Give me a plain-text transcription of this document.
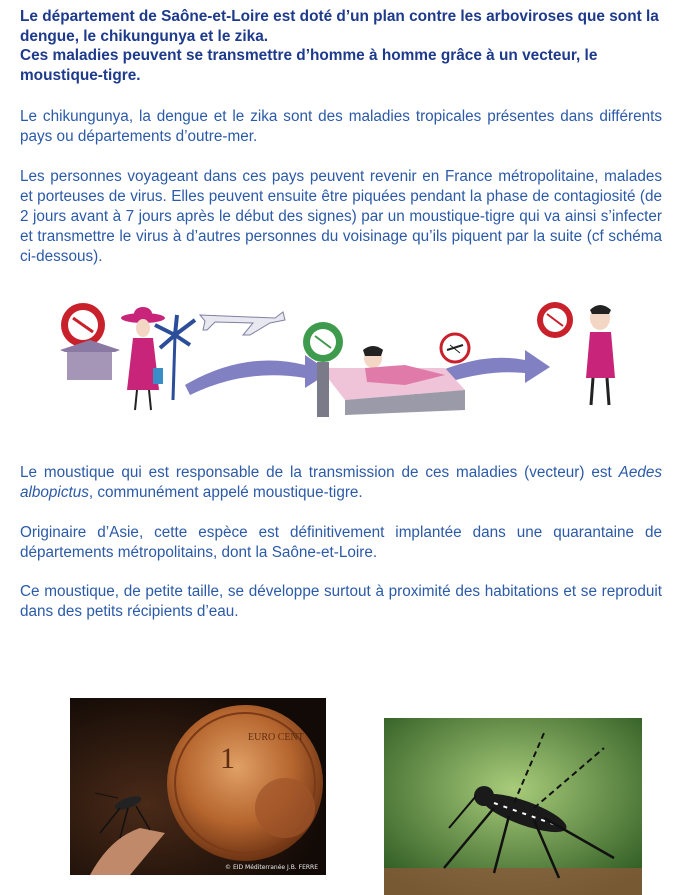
Le département de Saône-et-Loire est doté d’un plan contre les arboviroses que sont la dengue, le chikungunya et le zika.

Ces maladies peuvent se transmettre d’homme à homme grâce à un vecteur, le moustique-tigre.

Le chikungunya, la dengue et le zika sont des maladies tropicales présentes dans différents pays ou départements d’outre-mer.

Les personnes voyageant dans ces pays peuvent revenir en France métropolitaine, malades et porteuses de virus. Elles peuvent ensuite être piquées pendant la phase de contagiosité (de 2 jours avant à 7 jours après le début des signes) par un moustique-tigre qui va ainsi s’infecter et transmettre le virus à d’autres personnes du voisinage qu’ils piquent par la suite (cf schéma ci-dessous).

Le moustique qui est responsable de la transmission de ces maladies (vecteur) est Aedes albopictus, communément appelé moustique-tigre.

Originaire d’Asie, cette espèce est définitivement implantée dans une quarantaine de départements métropolitains, dont la Saône-et-Loire.

Ce moustique, de petite taille, se développe surtout à proximité des habitations et se reproduit dans des petits récipients d’eau.

1
EURO CENT
© EID Méditerranée J.B. FERRE
